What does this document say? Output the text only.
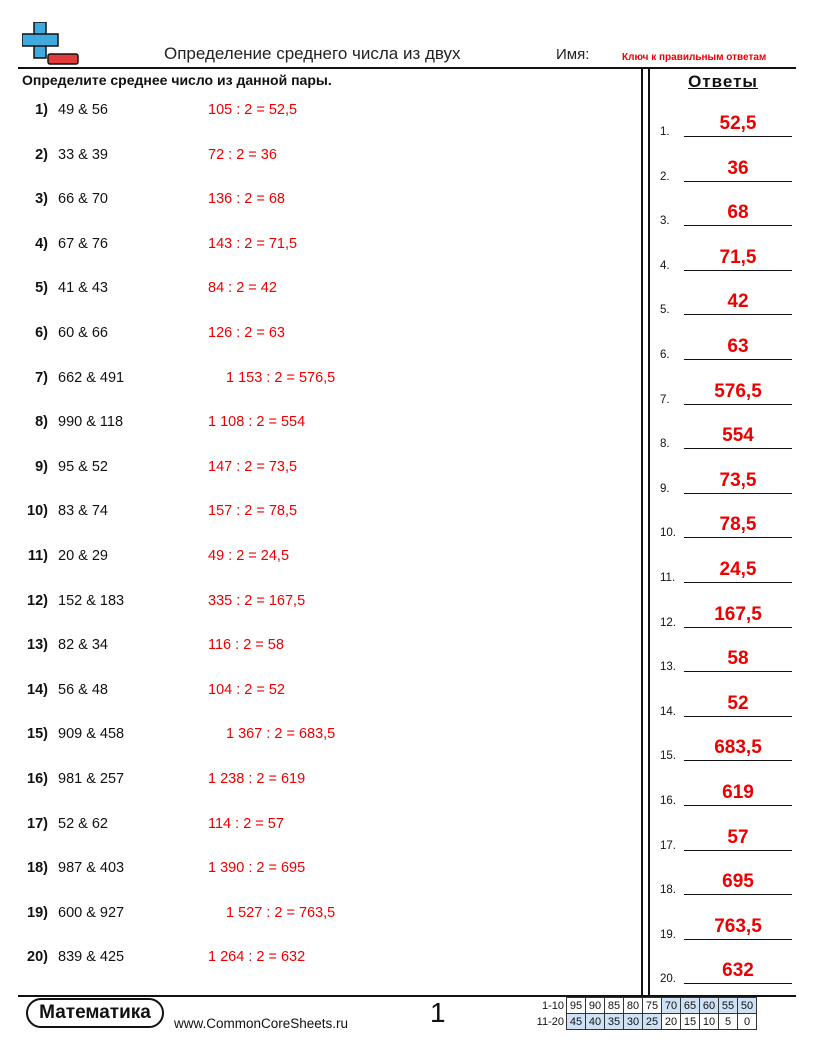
Определение среднего числа из двух	Имя:	Ключ к правильным ответам
Определите среднее число из данной пары.	Ответы
1) 49 & 56	105 : 2 = 52,5
2) 33 & 39	72 : 2 = 36
3) 66 & 70	136 : 2 = 68
4) 67 & 76	143 : 2 = 71,5
5) 41 & 43	84 : 2 = 42
6) 60 & 66	126 : 2 = 63
7) 662 & 491	1 153 : 2 = 576,5
8) 990 & 118	1 108 : 2 = 554
9) 95 & 52	147 : 2 = 73,5
10) 83 & 74	157 : 2 = 78,5
11) 20 & 29	49 : 2 = 24,5
12) 152 & 183	335 : 2 = 167,5
13) 82 & 34	116 : 2 = 58
14) 56 & 48	104 : 2 = 52
15) 909 & 458	1 367 : 2 = 683,5
16) 981 & 257	1 238 : 2 = 619
17) 52 & 62	114 : 2 = 57
18) 987 & 403	1 390 : 2 = 695
19) 600 & 927	1 527 : 2 = 763,5
20) 839 & 425	1 264 : 2 = 632
1.	52,5
2.	36
3.	68
4.	71,5
5.	42
6.	63
7.	576,5
8.	554
9.	73,5
10.	78,5
11.	24,5
12.	167,5
13.	58
14.	52
15.	683,5
16.	619
17.	57
18.	695
19.	763,5
20.	632
Математика
www.CommonCoreSheets.ru	1	1-10	95	90	85	80	75	70	65	60	55	50
11-20	45	40	35	30	25	20	15	10	5	0
